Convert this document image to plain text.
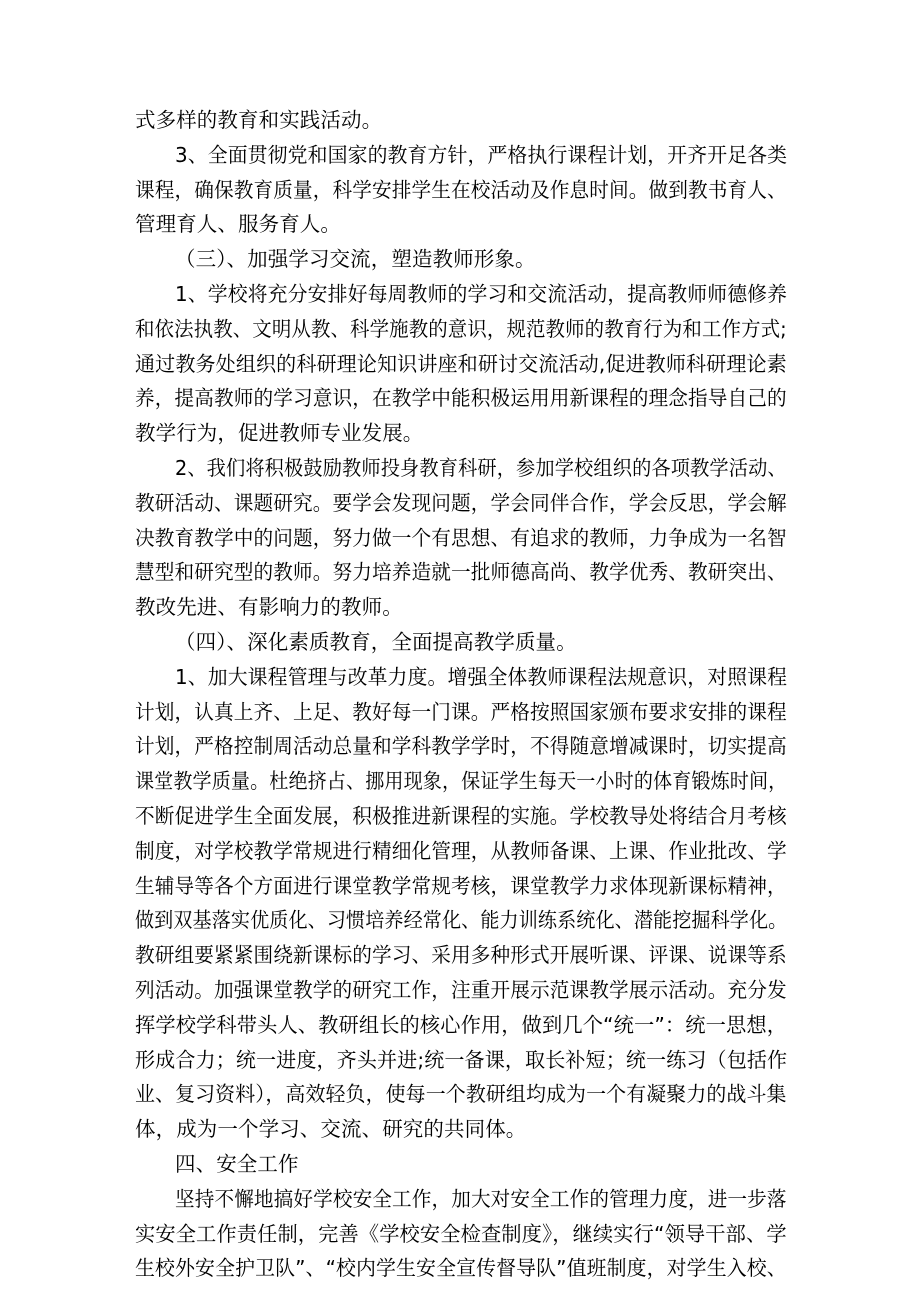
式多样的教育和实践活动。
3、全面贯彻党和国家的教育方针，严格执行课程计划，开齐开足各类
课程，确保教育质量，科学安排学生在校活动及作息时间。做到教书育人、
管理育人、服务育人。
（三）、加强学习交流，塑造教师形象。
1、学校将充分安排好每周教师的学习和交流活动，提高教师师德修养
和依法执教、文明从教、科学施教的意识，规范教师的教育行为和工作方式;
通过教务处组织的科研理论知识讲座和研讨交流活动,促进教师科研理论素
养，提高教师的学习意识，在教学中能积极运用用新课程的理念指导自己的
教学行为，促进教师专业发展。
2、我们将积极鼓励教师投身教育科研，参加学校组织的各项教学活动、
教研活动、课题研究。要学会发现问题，学会同伴合作，学会反思，学会解
决教育教学中的问题，努力做一个有思想、有追求的教师，力争成为一名智
慧型和研究型的教师。努力培养造就一批师德高尚、教学优秀、教研突出、
教改先进、有影响力的教师。
（四）、深化素质教育，全面提高教学质量。
1、加大课程管理与改革力度。增强全体教师课程法规意识，对照课程
计划，认真上齐、上足、教好每一门课。严格按照国家颁布要求安排的课程
计划，严格控制周活动总量和学科教学学时，不得随意增减课时，切实提高
课堂教学质量。杜绝挤占、挪用现象，保证学生每天一小时的体育锻炼时间，
不断促进学生全面发展，积极推进新课程的实施。学校教导处将结合月考核
制度，对学校教学常规进行精细化管理，从教师备课、上课、作业批改、学
生辅导等各个方面进行课堂教学常规考核，课堂教学力求体现新课标精神，
做到双基落实优质化、习惯培养经常化、能力训练系统化、潜能挖掘科学化。
教研组要紧紧围绕新课标的学习、采用多种形式开展听课、评课、说课等系
列活动。加强课堂教学的研究工作，注重开展示范课教学展示活动。充分发
挥学校学科带头人、教研组长的核心作用，做到几个“统一”：统一思想，
形成合力；统一进度，齐头并进;统一备课，取长补短；统一练习（包括作
业、复习资料），高效轻负，使每一个教研组均成为一个有凝聚力的战斗集
体，成为一个学习、交流、研究的共同体。
四、安全工作
坚持不懈地搞好学校安全工作，加大对安全工作的管理力度，进一步落
实安全工作责任制，完善《学校安全检查制度》，继续实行“领导干部、学
生校外安全护卫队”、“校内学生安全宣传督导队”值班制度，对学生入校、
